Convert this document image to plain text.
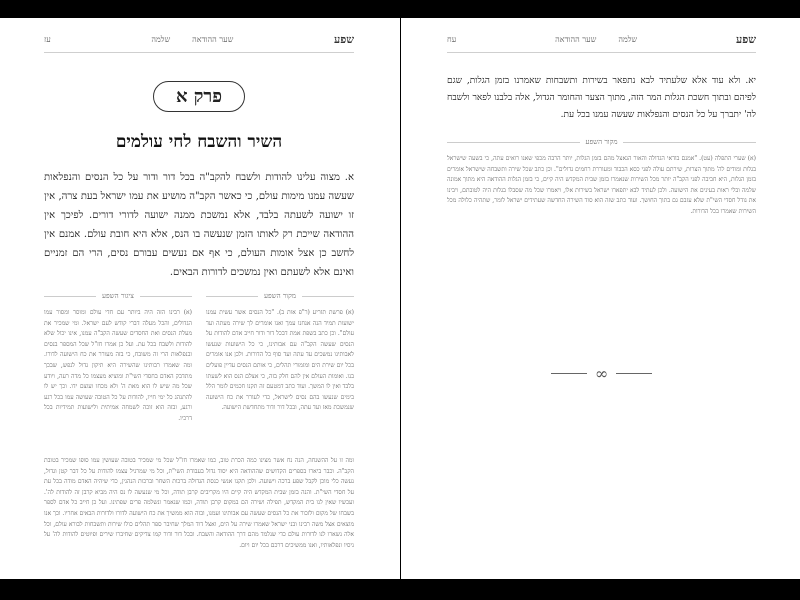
שפע
שער ההודאה
שלמה
עז
פרק א
השיר והשבח לחי עולמים
א. מצוה עלינו להודות ולשבח להקב"ה בכל דור ודור על כל הנסים והנפלאות שעשה עמנו מימות עולם, כי כאשר הקב"ה מושיע את עמו ישראל בעת צרה, אין זו ישועה לשעתה בלבד, אלא נמשכת ממנה ישועה לדורי דורים. לפיכך אין ההודאה שייכת רק לאותו הזמן שנעשה בו הנס, אלא היא חובת עולם. אמנם אין לחשב כן אצל אומות העולם, כי אף אם נעשים עבורם נסים, הרי הם זמניים ואינם אלא לשעתם ואין נמשכים לדורות הבאים.
מקור השפע
(א) פרשת תזריע (ר"פ אות ב). "כל הנסים אשר עשית עמנו ישועות תמיד הנה אנחנו עמך ואנו אומרים לך שירה מעתה ועד עולם". וכן כתב בשפת אמת דבכל דור ודור חייב אדם להודות על הנסים שעשה הקב"ה עם אבותינו, כי כל הישועות שנעשו לאבותינו נמשכים עד עתה ועד סוף כל הדורות. ולכן אנו אומרים בכל יום שירת הים ומזמורי תהלים, כי אותם הנסים עדיין פועלים בנו. ואומות העולם אין להם חלק בזה, כי אצלם הנס הוא לשעתו בלבד ואין לו המשך. ועוד כתב דמטעם זה תקנו חכמים לומר הלל בימים שנעשו בהם נסים לישראל, כדי לעורר את כח הישועה שנמשכת מאז ועד עתה, ובכל דור ודור מתחדשת הישועה.
ציגור השפע
(א) רבינו הזה היה ביותר עם חדי עולם ומוסר ומסור עמו הגדולים, והכל מעלה דברי קודש לעם ישראל. ומי שמכיר את מעלת הנסים ואת החסדים שעשה הקב"ה עמנו, אינו יכול שלא להודות ולשבח בכל עת. ועל כן אמרו חז"ל שכל המספר בנסים ובנפלאות הרי זה משובח, כי בזה מעורר את כח הישועה לדורו. ומה שאמרו רבותינו שהשירה היא תיקון גדול לנפש, שבכך מתדבק האדם בחסדי השי"ת ומוציא מעצמו כל מדה רעה, ויודע שכל מה שיש לו הוא מאת ה' ולא מכחו ועוצם ידו. וכך יש לו להתנהג כל ימי חייו, להודות על כל הטובה שעושה עמו בכל רגע ורגע, ובזה הוא זוכה לשמחה אמיתית ולישועות תמידיות בכל דרכיו.
ומה זו על ההשגחה, הנה נח אשר מצינו כמה הכרת טוב, כמו שאמרו חז"ל שכל מי שמכיר בטובה שעושין עמו סופו שמכיר בטובת הקב"ה. וכבר ביארו בספרים הקדושים שההודאה היא יסוד גדול בעבודת השי"ת, וכל מי שמרגיל עצמו להודות על כל דבר קטן וגדול, נעשה כלי מוכן לקבל שפע ברכה וישועה. ולכן תקנו אנשי כנסת הגדולה ברכות השחר וברכות הנהנין, כדי שיהיה האדם מודה בכל עת על חסדי השי"ת. והנה בזמן שבית המקדש היה קיים היו מקריבים קרבן תודה, וכל מי שנעשה לו נס היה מביא קרבן זה להודות לה'. ועכשיו שאין לנו בית המקדש, תפילה ושירה הם במקום קרבן תודה, וכמו שנאמר ונשלמה פרים שפתינו. ועל כן חייב כל אדם לספר בשבחו של מקום ולזכור את כל הנסים שעשה עם אבותינו ועמנו, ובזה הוא ממשיך את כח הישועה לדורו ולדורות הבאים אחריו. וכך אנו מוצאים אצל משה רבינו ובני ישראל שאמרו שירה על הים, ואצל דוד המלך שחיבר ספר תהלים כולו שירות ותשבחות לבורא עולם, וכל אלה נשארו לנו לדורות עולם כדי שנלמד מהם דרך ההודאה והשבח. ובכל דור ודור קמו צדיקים שחיברו שירים ופיוטים להודות לה' על ניסיו ונפלאותיו, ואנו ממשיכים דרכם בכל יום ויום.
שפע
שלמה
שער ההודאה
עח
יא. ולא עוד אלא שלעתיד לבא נתפאר בשירות ותשבחות שאמרנו בזמן הגלות, שגם לפיהם ובתוך חשכת הגלות המר הזה, מתוך הצער והחומר הגדול, אלה בלבנו לפאר ולשבח לה' יתברך על כל הנסים והנפלאות שעשה עמנו בכל עת.
מקור השפע
(א) שערי התפלה (עט). "אמנם בודאי הגדולה והאור הנאצל מהם בזמן הגלות, יותר הרבה מכפי שאנו רואים עתה, כי בשעה שישראל בגלות ומודים לה' מתוך הצרות, שירתם עולה לפני כסא הכבוד ומעוררת רחמים גדולים". וכן כתב שכל שירה ותשבחה שישראל אומרים בזמן הגלות, היא חביבה לפני הקב"ה יותר מכל השירות שנאמרו בזמן שבית המקדש היה קיים, כי בזמן הגלות ההודאה היא מתוך אמונה שלמה ובלי ראות בעינים את הישועה. ולכן לעתיד לבא יתפארו ישראל בשירות אלו, ויאמרו שכל מה שסבלו בגלות היה לטובתם, ויבינו את גודל חסדי השי"ת שלא עזבם גם בתוך החושך. ועוד כתב שזה הוא סוד השירה החדשה שעתידים ישראל לומר, שתהיה כלולה מכל השירות שאמרו בכל הדורות.
∞
